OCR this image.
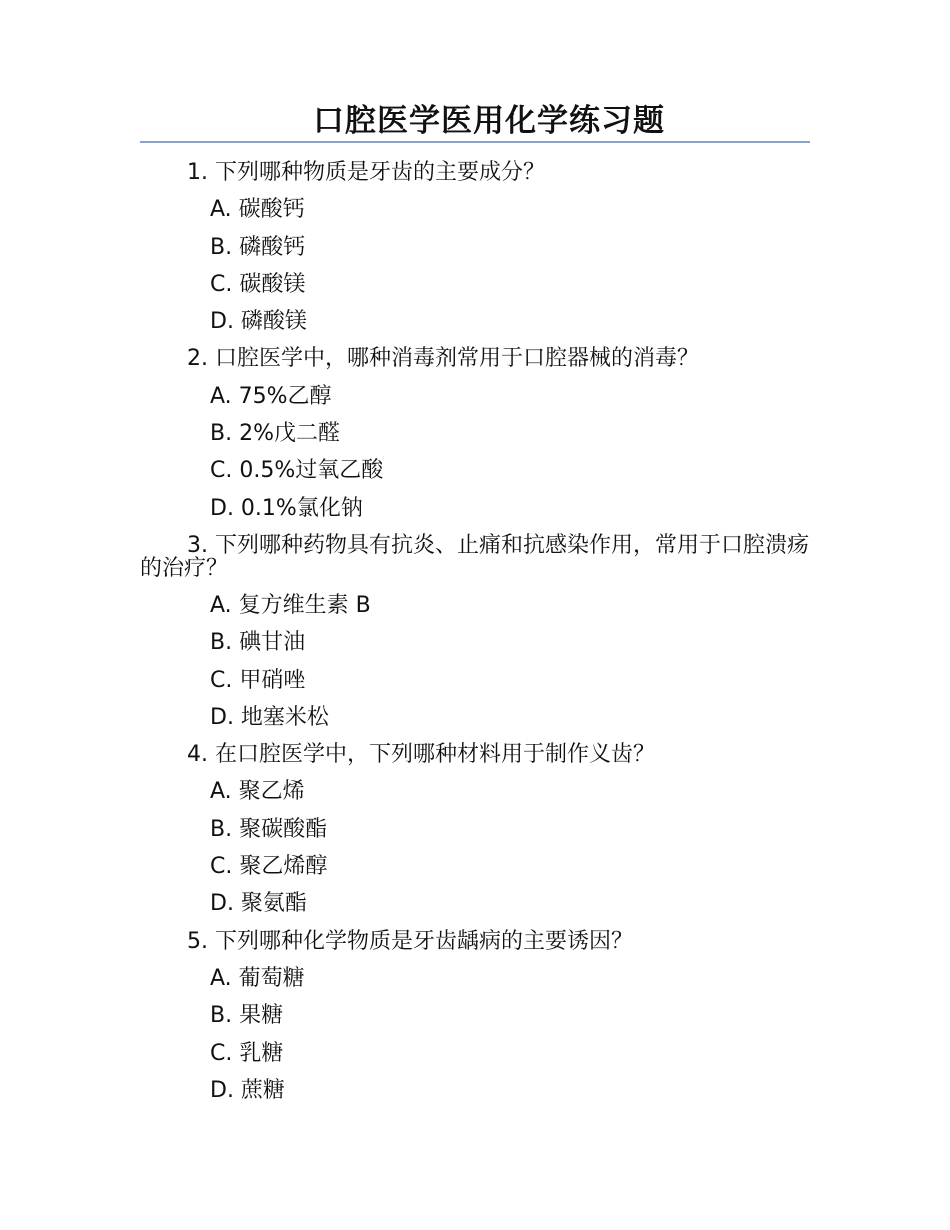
口腔医学医用化学练习题

1. 下列哪种物质是牙齿的主要成分？

A. 碳酸钙

B. 磷酸钙

C. 碳酸镁

D. 磷酸镁

2. 口腔医学中，哪种消毒剂常用于口腔器械的消毒？

A. 75%乙醇

B. 2%戊二醛

C. 0.5%过氧乙酸

D. 0.1%氯化钠

3. 下列哪种药物具有抗炎、止痛和抗感染作用，常用于口腔溃疡的治疗？

A. 复方维生素 B

B. 碘甘油

C. 甲硝唑

D. 地塞米松

4. 在口腔医学中，下列哪种材料用于制作义齿？

A. 聚乙烯

B. 聚碳酸酯

C. 聚乙烯醇

D. 聚氨酯

5. 下列哪种化学物质是牙齿龋病的主要诱因？

A. 葡萄糖

B. 果糖

C. 乳糖

D. 蔗糖
